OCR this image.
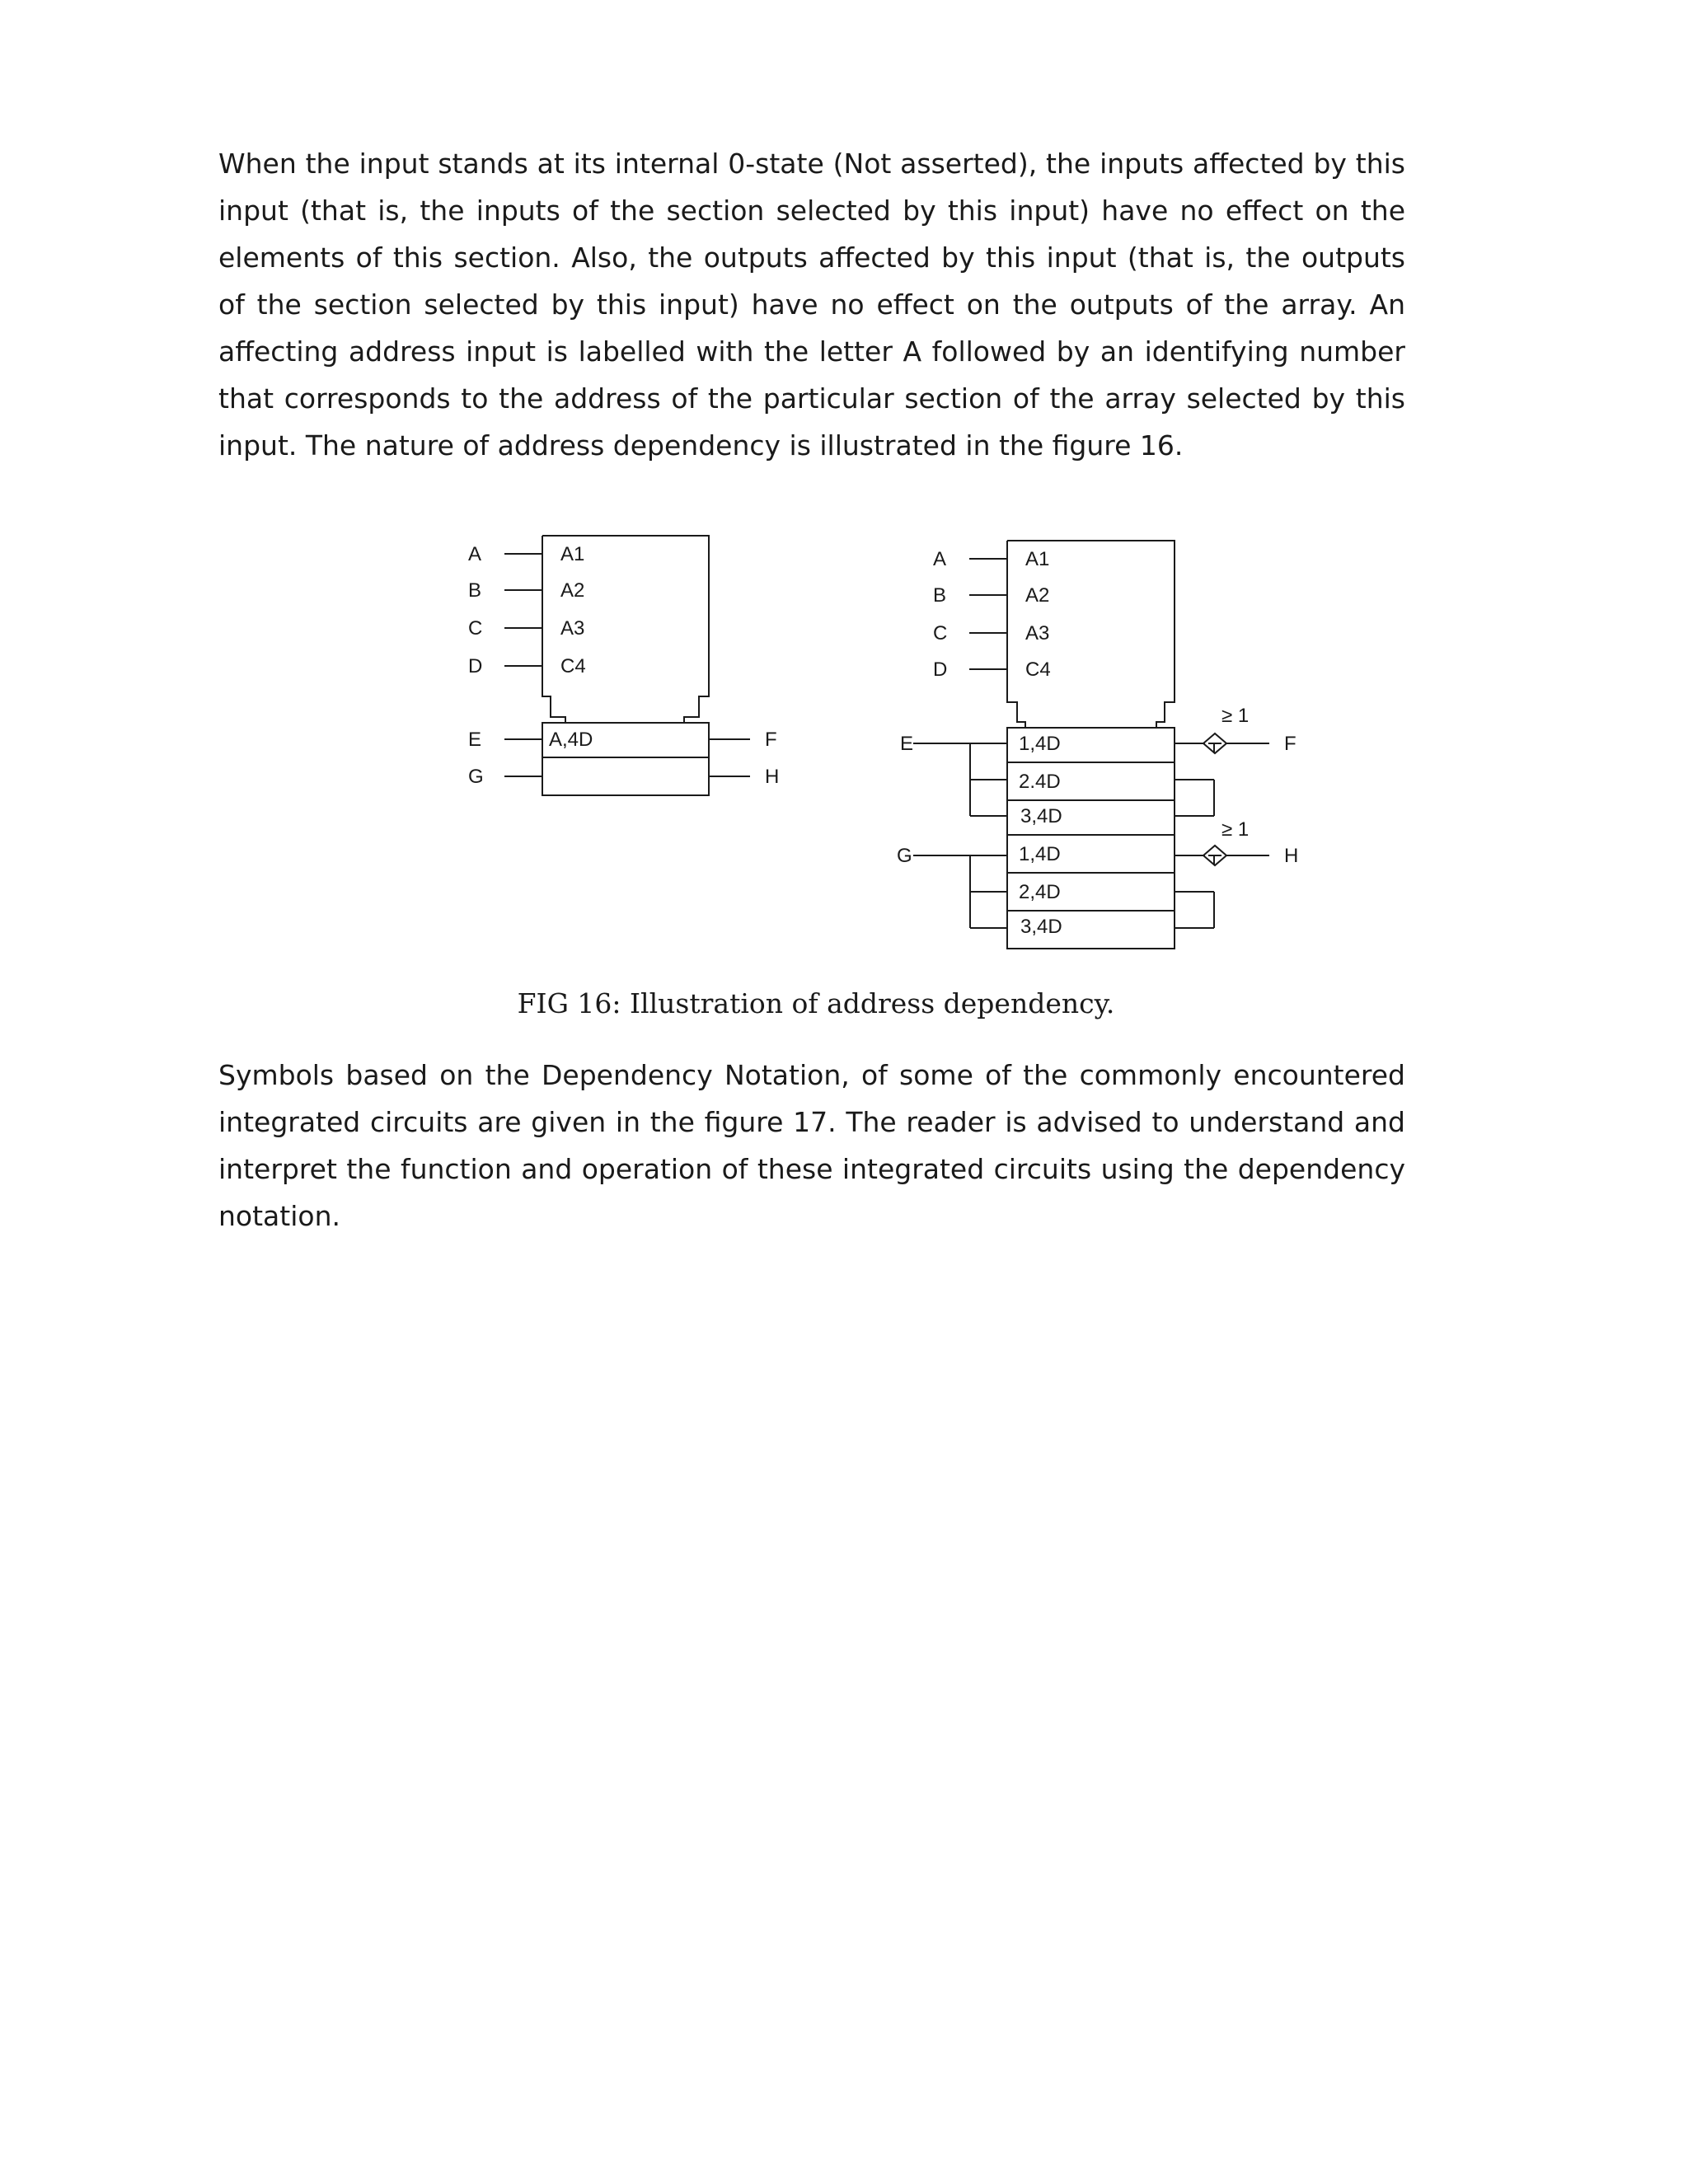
When the input stands at its internal 0-state (Not asserted), the inputs affected by this input (that is, the inputs of the section selected by this input) have no effect on the elements of this section. Also, the outputs affected by this input (that is, the outputs of the section selected by this input) have no effect on the outputs of the array. An affecting address input is labelled with the letter A followed by an identifying number that corresponds to the address of the particular section of the array selected by this input. The nature of address dependency is illustrated in the figure 16.

A
B
C
D
E
G
A1
A2
A3
C4
A,4D	F
H
A
B
C
D
E
G
A1
A2
A3
C4
1,4D
2.4D
3,4D
1,4D
2,4D
3,4D
≥ 1
≥ 1
F
H

FIG 16: Illustration of address dependency.

Symbols based on the Dependency Notation, of some of the commonly encountered integrated circuits are given in the figure 17. The reader is advised to understand and interpret the function and operation of these integrated circuits using the dependency notation.
